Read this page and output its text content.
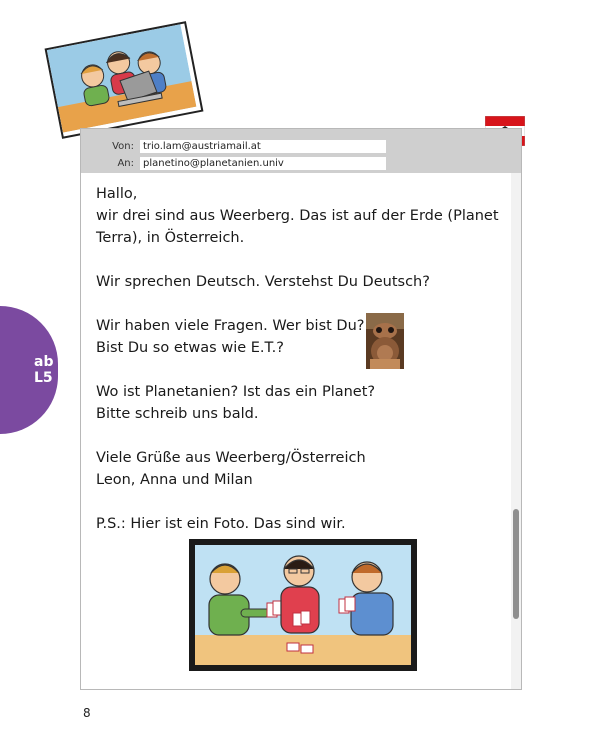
ab
L5
Von: trio.lam@austriamail.at
An: planetino@planetanien.univ

Hallo,

wir drei sind aus Weerberg. Das ist auf der Erde (Planet

Terra), in Österreich.

Wir sprechen Deutsch. Verstehst Du Deutsch?

Wir haben viele Fragen. Wer bist Du?

Bist Du so etwas wie E.T.?

Wo ist Planetanien? Ist das ein Planet?

Bitte schreib uns bald.

Viele Grüße aus Weerberg/Österreich

Leon, Anna und Milan

P.S.: Hier ist ein Foto. Das sind wir.

8
